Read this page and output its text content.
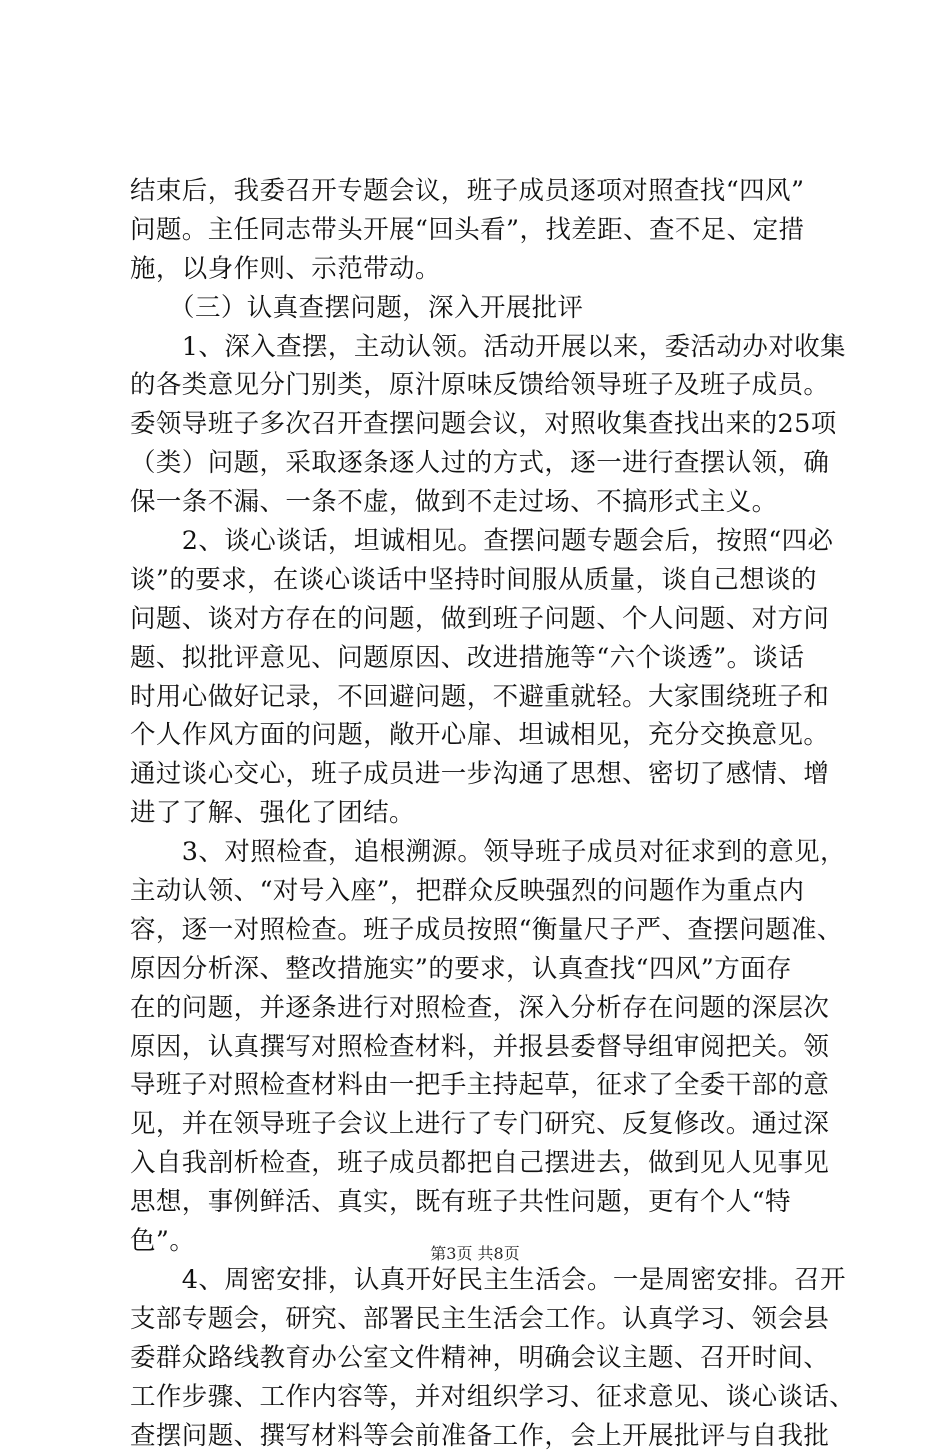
结束后，我委召开专题会议，班子成员逐项对照查找“四风”
问题。主任同志带头开展“回头看”，找差距、查不足、定措
施，以身作则、示范带动。
　　（三）认真查摆问题，深入开展批评
　　1、深入查摆，主动认领。活动开展以来，委活动办对收集
的各类意见分门别类，原汁原味反馈给领导班子及班子成员。
委领导班子多次召开查摆问题会议，对照收集查找出来的25项
（类）问题，采取逐条逐人过的方式，逐一进行查摆认领，确
保一条不漏、一条不虚，做到不走过场、不搞形式主义。
　　2、谈心谈话，坦诚相见。查摆问题专题会后，按照“四必
谈”的要求，在谈心谈话中坚持时间服从质量，谈自己想谈的
问题、谈对方存在的问题，做到班子问题、个人问题、对方问
题、拟批评意见、问题原因、改进措施等“六个谈透”。谈话
时用心做好记录，不回避问题，不避重就轻。大家围绕班子和
个人作风方面的问题，敞开心扉、坦诚相见，充分交换意见。
通过谈心交心，班子成员进一步沟通了思想、密切了感情、增
进了了解、强化了团结。
　　3、对照检查，追根溯源。领导班子成员对征求到的意见，
主动认领、“对号入座”，把群众反映强烈的问题作为重点内
容，逐一对照检查。班子成员按照“衡量尺子严、查摆问题准、
原因分析深、整改措施实”的要求，认真查找“四风”方面存
在的问题，并逐条进行对照检查，深入分析存在问题的深层次
原因，认真撰写对照检查材料，并报县委督导组审阅把关。领
导班子对照检查材料由一把手主持起草，征求了全委干部的意
见，并在领导班子会议上进行了专门研究、反复修改。通过深
入自我剖析检查，班子成员都把自己摆进去，做到见人见事见
思想，事例鲜活、真实，既有班子共性问题，更有个人“特
色”。
　　4、周密安排，认真开好民主生活会。一是周密安排。召开
支部专题会，研究、部署民主生活会工作。认真学习、领会县
委群众路线教育办公室文件精神，明确会议主题、召开时间、
工作步骤、工作内容等，并对组织学习、征求意见、谈心谈话、
查摆问题、撰写材料等会前准备工作，会上开展批评与自我批
第3页 共8页
